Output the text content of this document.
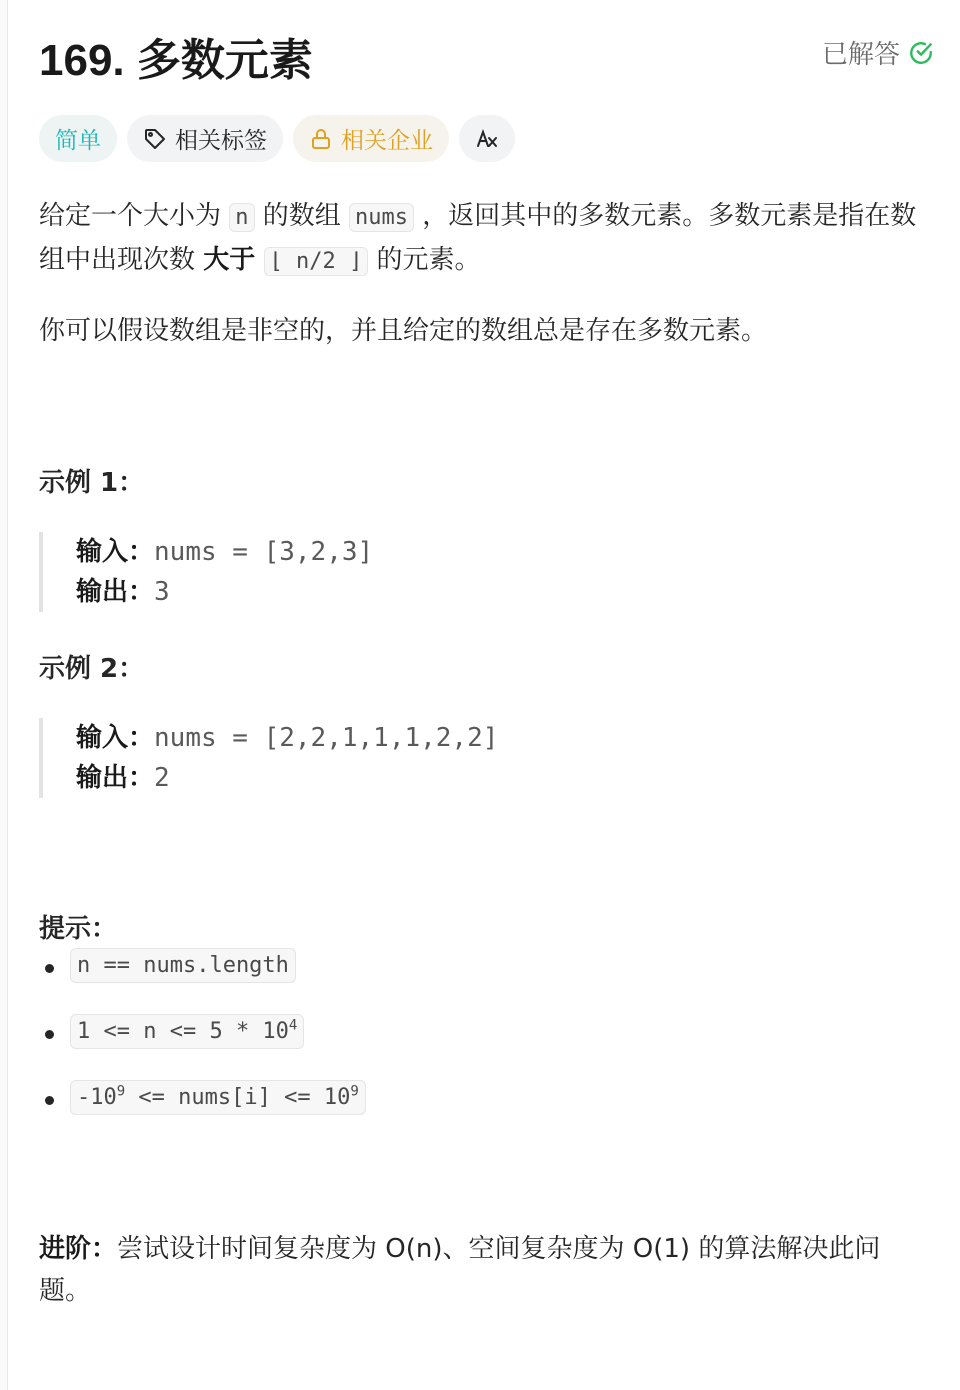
169. 多数元素	已解答
简单	相关标签	相关企业

给定一个大小为 n 的数组 nums ，返回其中的多数元素。多数元素是指在数组中出现次数 大于 ⌊ n/2 ⌋ 的元素。

你可以假设数组是非空的，并且给定的数组总是存在多数元素。
示例 1：
输入：nums = [3,2,3]
输出：3
示例 2：
输入：nums = [2,2,1,1,1,2,2]
输出：2
提示：
n == nums.length
$1 <= n <= 5 * 10^4$
$-10^9$ <= nums[i] <= $10^9$
进阶：尝试设计时间复杂度为 O(n)、空间复杂度为 O(1) 的算法解决此问题。
